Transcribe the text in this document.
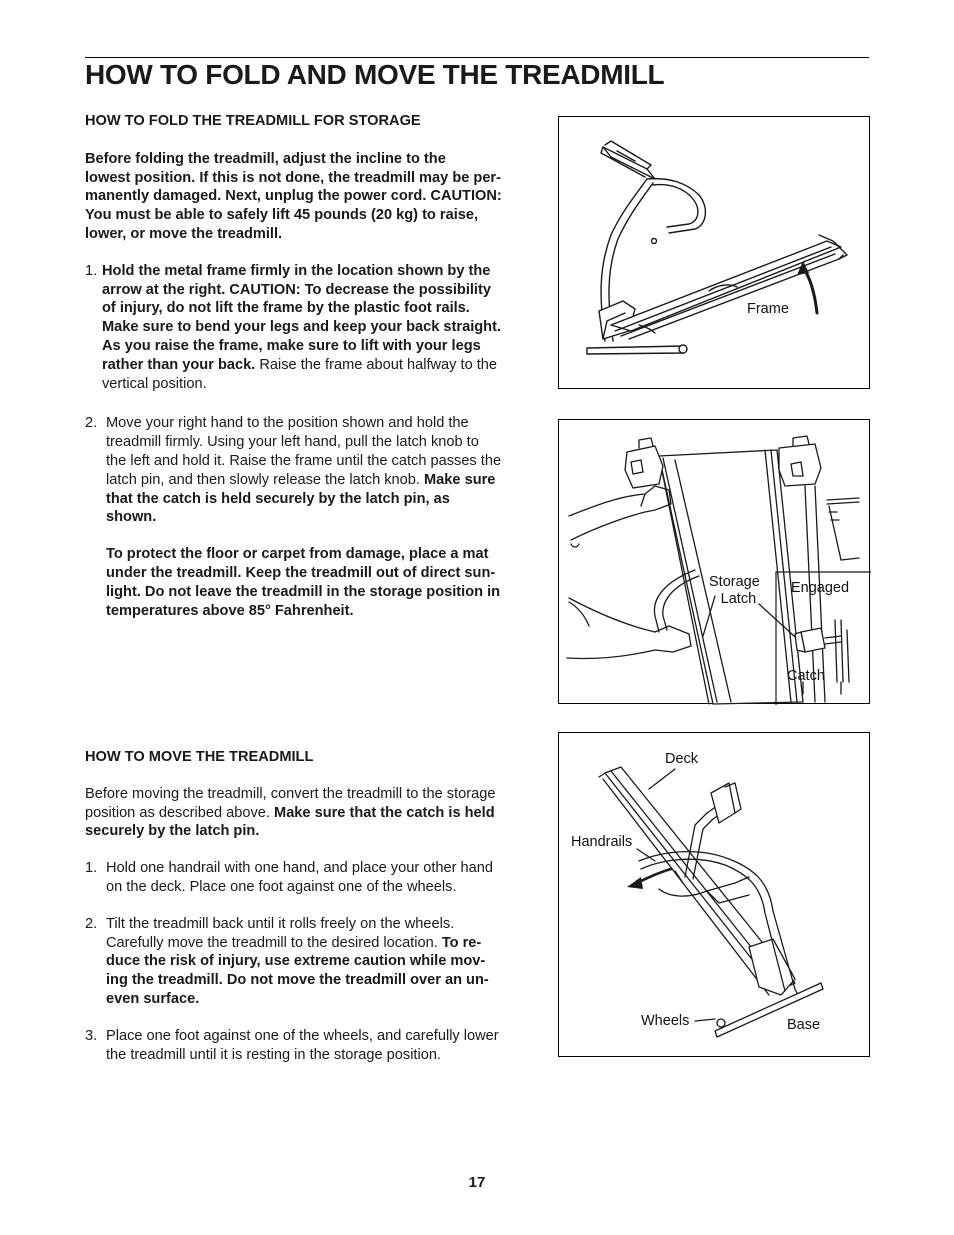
HOW TO FOLD AND MOVE THE TREADMILL

HOW TO FOLD THE TREADMILL FOR STORAGE

Before folding the treadmill, adjust the incline to the
lowest position. If this is not done, the treadmill may be per-
manently damaged. Next, unplug the power cord. CAUTION:
You must be able to safely lift 45 pounds (20 kg) to raise,
lower, or move the treadmill.
1. Hold the metal frame firmly in the location shown by the
arrow at the right. CAUTION: To decrease the possibility
of injury, do not lift the frame by the plastic foot rails.
Make sure to bend your legs and keep your back straight.
As you raise the frame, make sure to lift with your legs
rather than your back. Raise the frame about halfway to the
vertical position.
2. Move your right hand to the position shown and hold the
treadmill firmly. Using your left hand, pull the latch knob to
the left and hold it. Raise the frame until the catch passes the
latch pin, and then slowly release the latch knob. Make sure
that the catch is held securely by the latch pin, as
shown.
To protect the floor or carpet from damage, place a mat
under the treadmill. Keep the treadmill out of direct sun-
light. Do not leave the treadmill in the storage position in
temperatures above 85° Fahrenheit.

HOW TO MOVE THE TREADMILL

Before moving the treadmill, convert the treadmill to the storage
position as described above. Make sure that the catch is held
securely by the latch pin.
1. Hold one handrail with one hand, and place your other hand
on the deck. Place one foot against one of the wheels.
2. Tilt the treadmill back until it rolls freely on the wheels.
Carefully move the treadmill to the desired location. To re-
duce the risk of injury, use extreme caution while mov-
ing the treadmill. Do not move the treadmill over an un-
even surface.
3. Place one foot against one of the wheels, and carefully lower
the treadmill until it is resting in the storage position.
Frame
Storage
Latch
Engaged
Catch
Deck
Handrails
Wheels	Base
17
